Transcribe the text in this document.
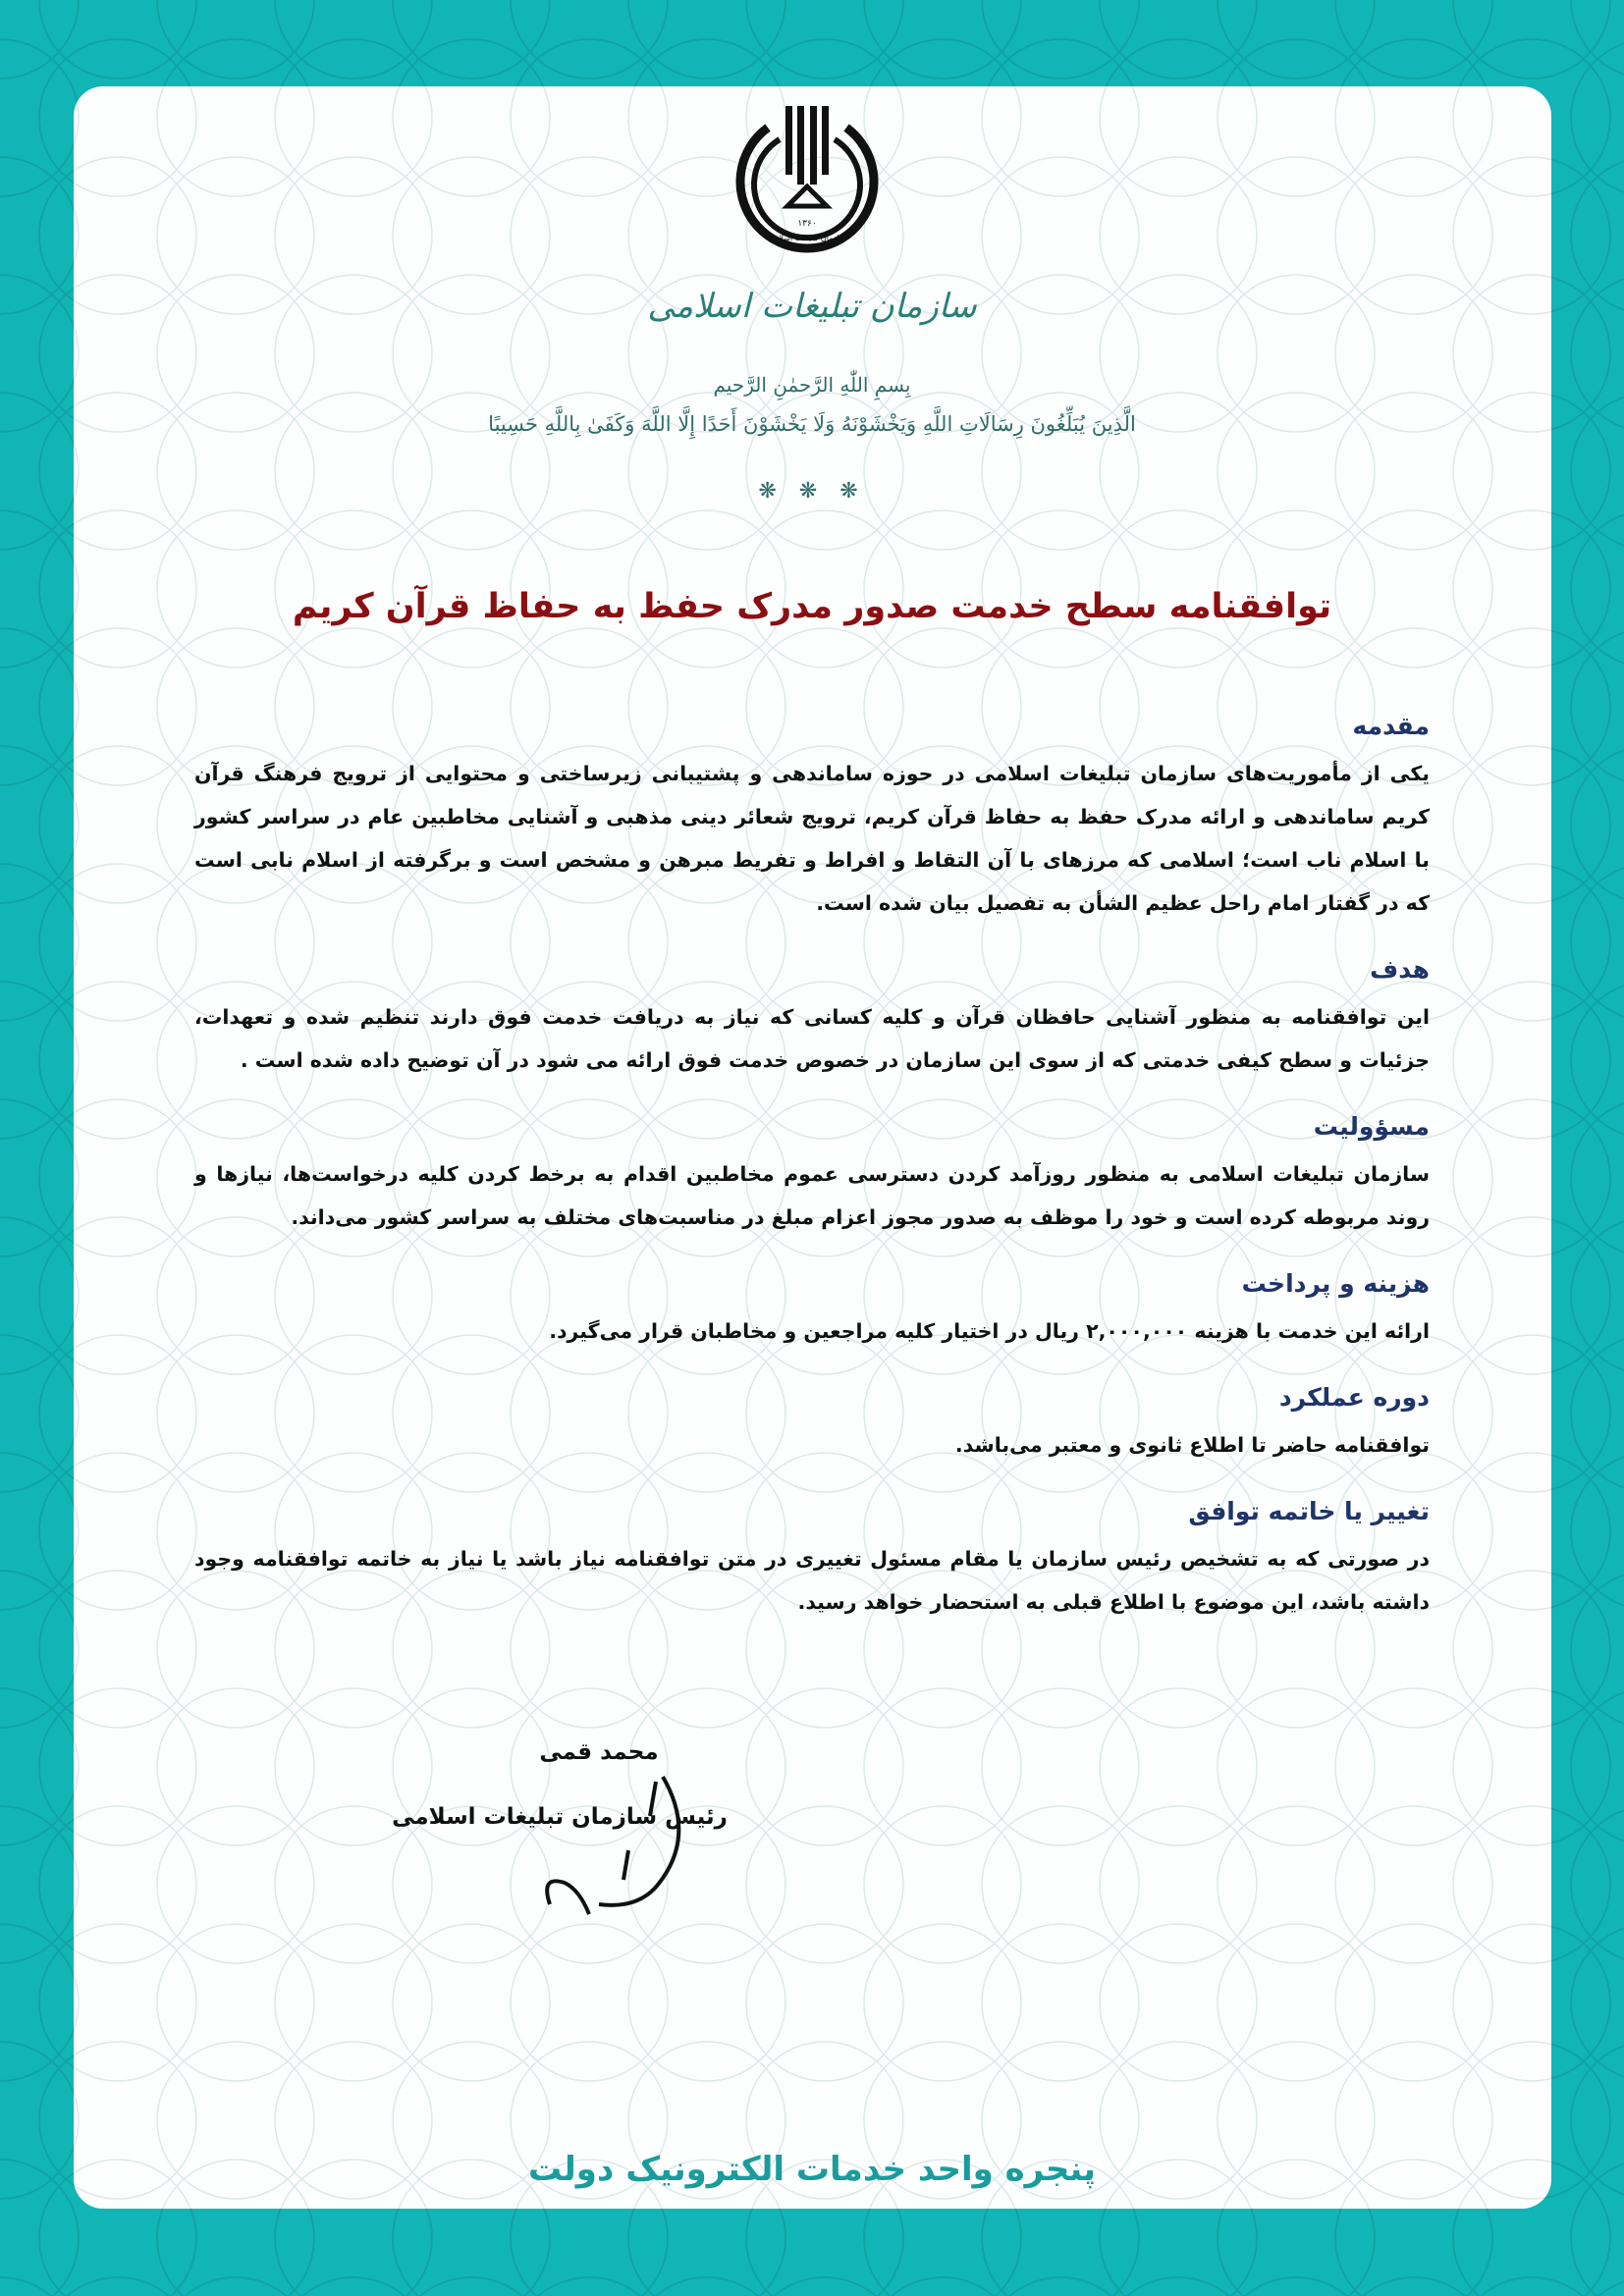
۱۳۶۰
سازمان تبلیغات اسلامی
سازمان تبلیغات اسلامی
بِسمِ اللّٰهِ الرَّحمٰنِ الرَّحیم
الَّذِينَ يُبَلِّغُونَ رِسَالَاتِ اللَّهِ وَيَخْشَوْنَهُ وَلَا يَخْشَوْنَ أَحَدًا إِلَّا اللَّهَ وَكَفَىٰ بِاللَّهِ حَسِيبًا
❋ ❋ ❋
توافقنامه سطح خدمت صدور مدرک حفظ به حفاظ قرآن کریم
مقدمه

یکی از مأموریت‌های سازمان تبلیغات اسلامی در حوزه ساماندهی و پشتیبانی زیرساختی و محتوایی از ترویج فرهنگ قرآن کریم ساماندهی و ارائه مدرک حفظ به حفاظ قرآن کریم، ترویج شعائر دینی مذهبی و آشنایی مخاطبین عام در سراسر کشور با اسلام ناب است؛ اسلامی که مرزهای با آن التقاط و افراط و تفریط مبرهن و مشخص است و برگرفته از اسلام نابی است که در گفتار امام راحل عظیم الشأن به تفصیل بیان شده است.

هدف

این توافقنامه به منظور آشنایی حافظان قرآن و کلیه کسانی که نیاز به دریافت خدمت فوق دارند تنظیم شده و تعهدات، جزئیات و سطح کیفی خدمتی که از سوی این سازمان در خصوص خدمت فوق ارائه می شود در آن توضیح داده شده است .

مسؤولیت

سازمان تبلیغات اسلامی به منظور روزآمد کردن دسترسی عموم مخاطبین اقدام به برخط کردن کلیه درخواست‌ها، نیازها و روند مربوطه کرده است و خود را موظف به صدور مجوز اعزام مبلغ در مناسبت‌های مختلف به سراسر کشور می‌داند.

هزینه و پرداخت

ارائه این خدمت با هزینه ۲,۰۰۰,۰۰۰ ریال در اختیار کلیه مراجعین و مخاطبان قرار می‌گیرد.

دوره عملکرد

توافقنامه حاضر تا اطلاع ثانوی و معتبر می‌باشد.

تغییر یا خاتمه توافق

در صورتی که به تشخیص رئیس سازمان یا مقام مسئول تغییری در متن توافقنامه نیاز باشد یا نیاز به خاتمه توافقنامه وجود داشته باشد، این موضوع با اطلاع قبلی به استحضار خواهد رسید.

محمد قمی
رئیس سازمان تبلیغات اسلامی
پنجره واحد خدمات الکترونیک دولت
